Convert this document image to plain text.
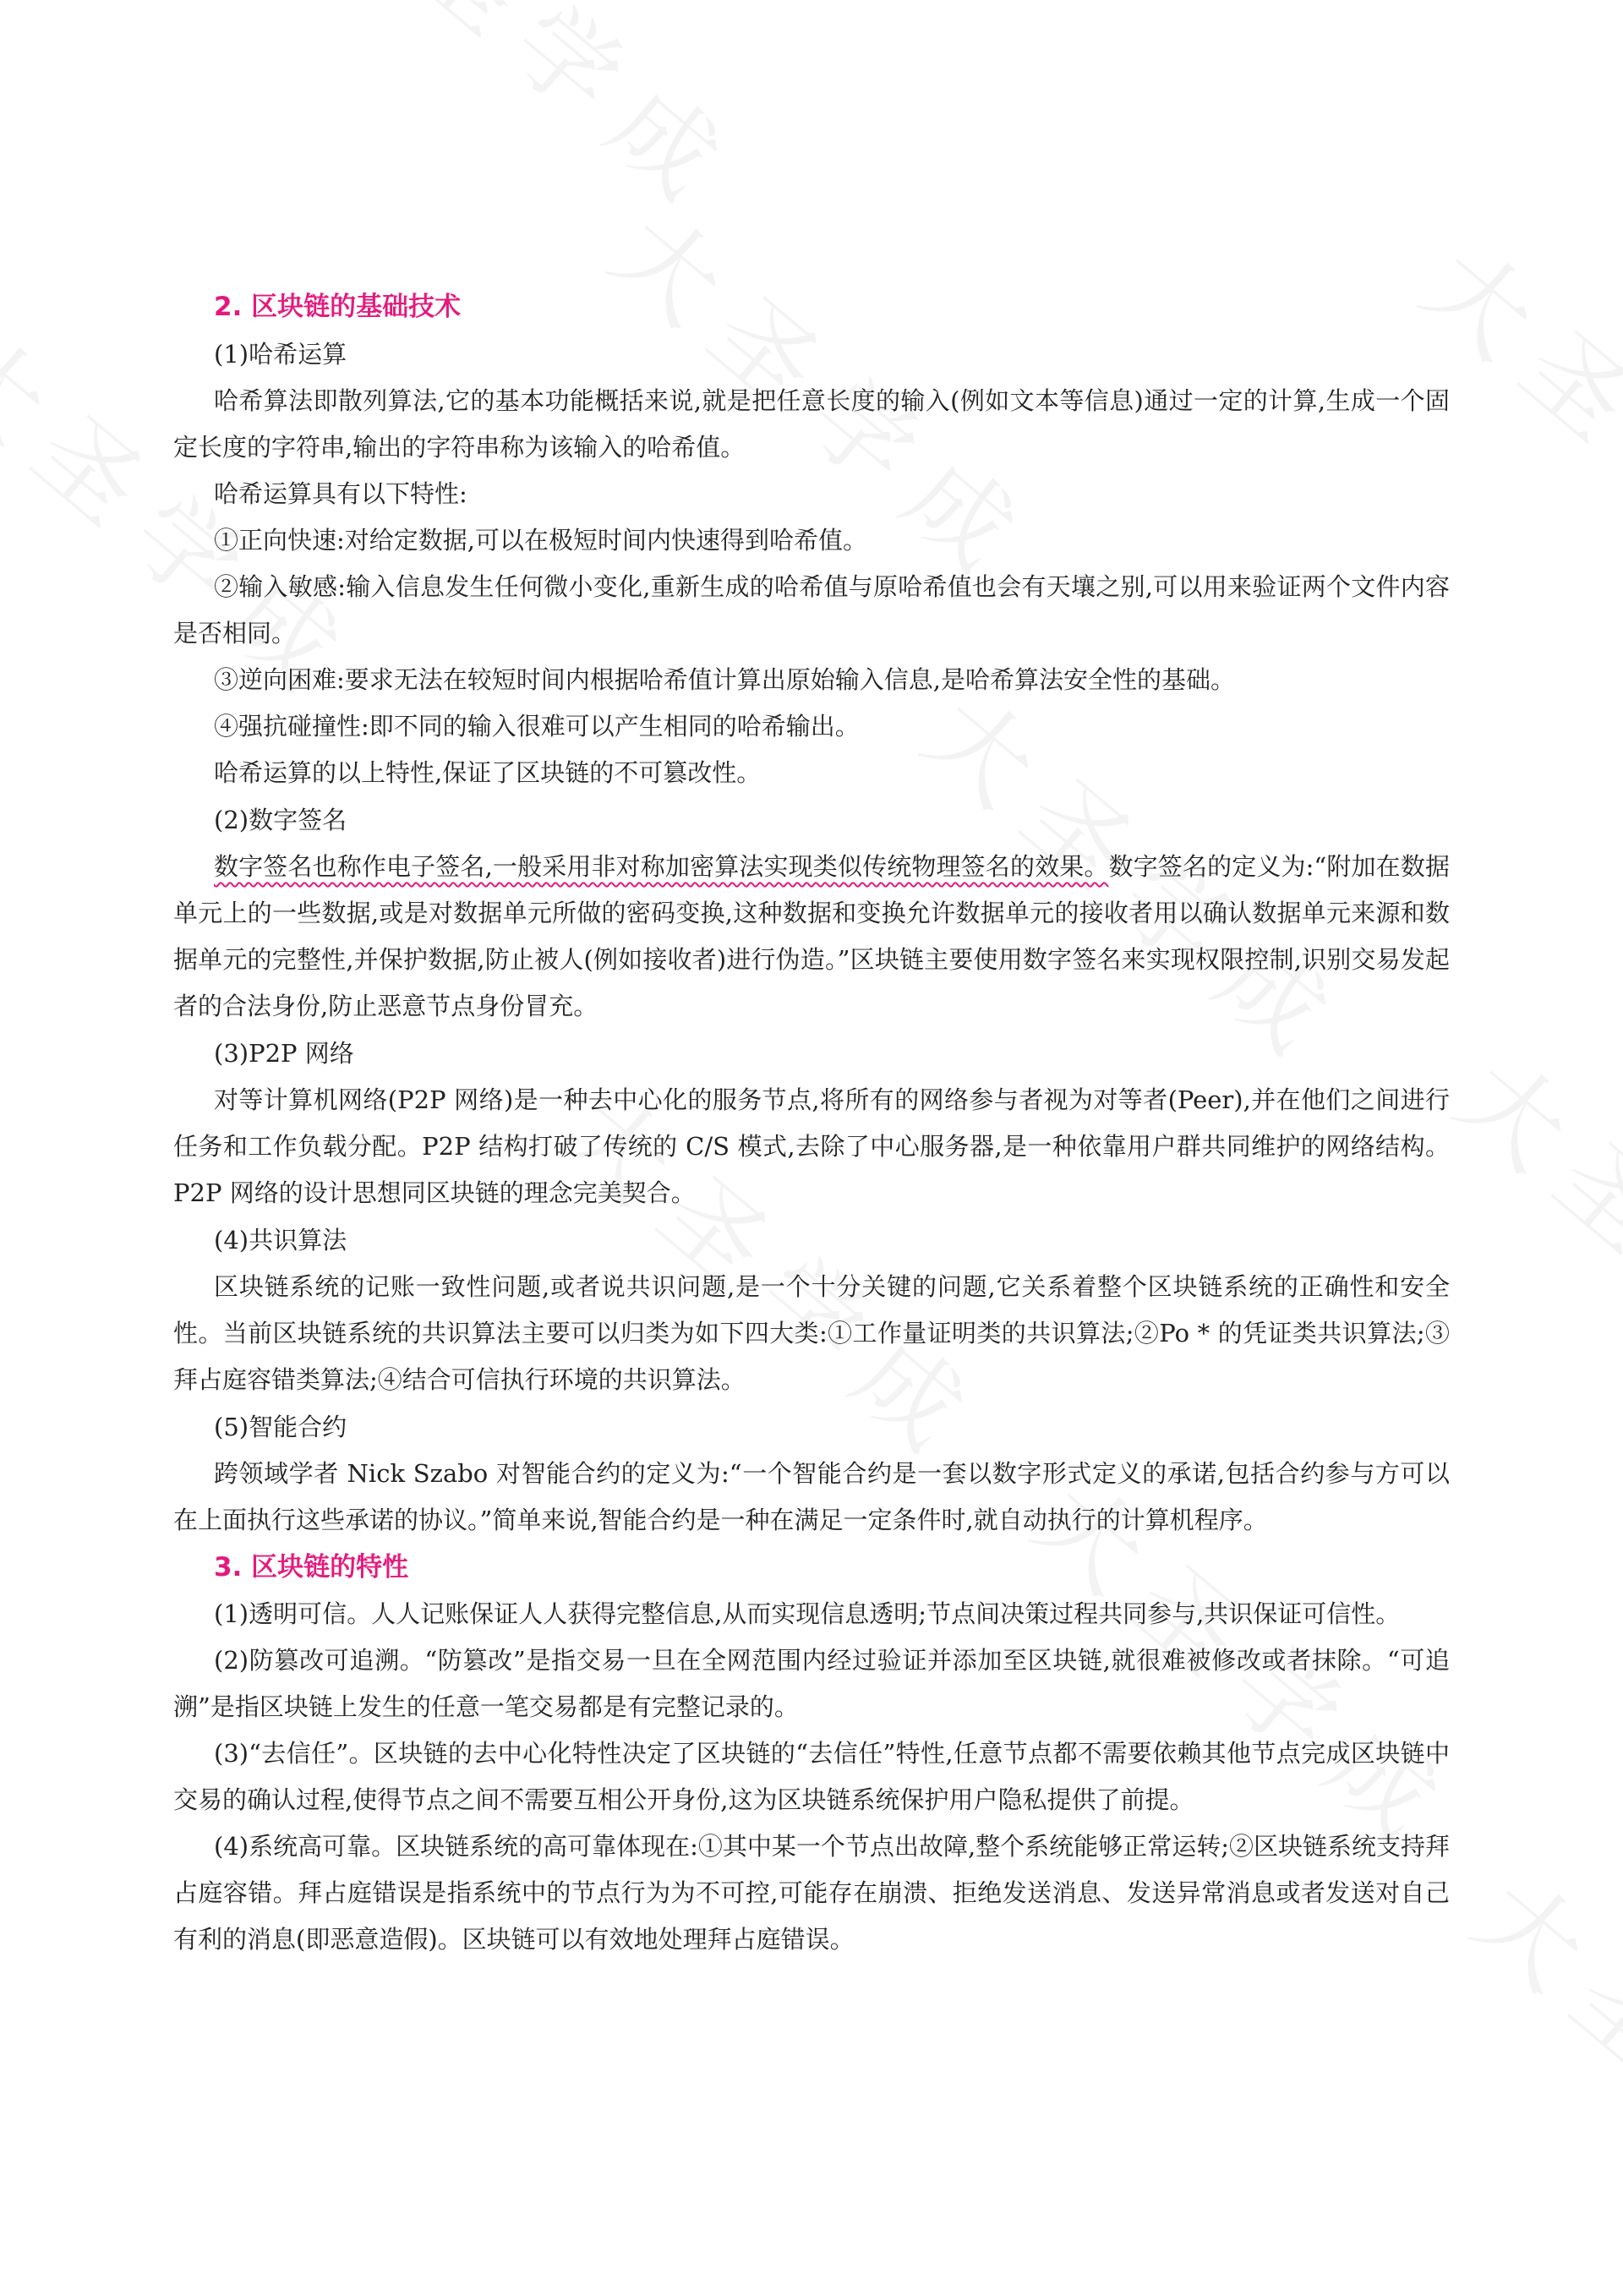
2. 区块链的基础技术
(1)哈希运算

哈希算法即散列算法,它的基本功能概括来说,就是把任意长度的输入(例如文本等信息)通过一定的计算,生成一个固定长度的字符串,输出的字符串称为该输入的哈希值。

哈希运算具有以下特性:

①正向快速:对给定数据,可以在极短时间内快速得到哈希值。

②输入敏感:输入信息发生任何微小变化,重新生成的哈希值与原哈希值也会有天壤之别,可以用来验证两个文件内容是否相同。

③逆向困难:要求无法在较短时间内根据哈希值计算出原始输入信息,是哈希算法安全性的基础。

④强抗碰撞性:即不同的输入很难可以产生相同的哈希输出。

哈希运算的以上特性,保证了区块链的不可篡改性。

(2)数字签名

数字签名也称作电子签名,一般采用非对称加密算法实现类似传统物理签名的效果。数字签名的定义为:“附加在数据单元上的一些数据,或是对数据单元所做的密码变换,这种数据和变换允许数据单元的接收者用以确认数据单元来源和数据单元的完整性,并保护数据,防止被人(例如接收者)进行伪造。”区块链主要使用数字签名来实现权限控制,识别交易发起者的合法身份,防止恶意节点身份冒充。

(3)P2P 网络

对等计算机网络(P2P 网络)是一种去中心化的服务节点,将所有的网络参与者视为对等者(Peer),并在他们之间进行任务和工作负载分配。P2P 结构打破了传统的 C/S 模式,去除了中心服务器,是一种依靠用户群共同维护的网络结构。P2P 网络的设计思想同区块链的理念完美契合。

(4)共识算法

区块链系统的记账一致性问题,或者说共识问题,是一个十分关键的问题,它关系着整个区块链系统的正确性和安全性。当前区块链系统的共识算法主要可以归类为如下四大类:①工作量证明类的共识算法;②Po * 的凭证类共识算法;③拜占庭容错类算法;④结合可信执行环境的共识算法。

(5)智能合约

跨领域学者 Nick Szabo 对智能合约的定义为:“一个智能合约是一套以数字形式定义的承诺,包括合约参与方可以在上面执行这些承诺的协议。”简单来说,智能合约是一种在满足一定条件时,就自动执行的计算机程序。

3. 区块链的特性

(1)透明可信。人人记账保证人人获得完整信息,从而实现信息透明;节点间决策过程共同参与,共识保证可信性。

(2)防篡改可追溯。“防篡改”是指交易一旦在全网范围内经过验证并添加至区块链,就很难被修改或者抹除。“可追溯”是指区块链上发生的任意一笔交易都是有完整记录的。

(3)“去信任”。区块链的去中心化特性决定了区块链的“去信任”特性,任意节点都不需要依赖其他节点完成区块链中交易的确认过程,使得节点之间不需要互相公开身份,这为区块链系统保护用户隐私提供了前提。

(4)系统高可靠。区块链系统的高可靠体现在:①其中某一个节点出故障,整个系统能够正常运转;②区块链系统支持拜占庭容错。拜占庭错误是指系统中的节点行为为不可控,可能存在崩溃、拒绝发送消息、发送异常消息或者发送对自己有利的消息(即恶意造假)。区块链可以有效地处理拜占庭错误。
